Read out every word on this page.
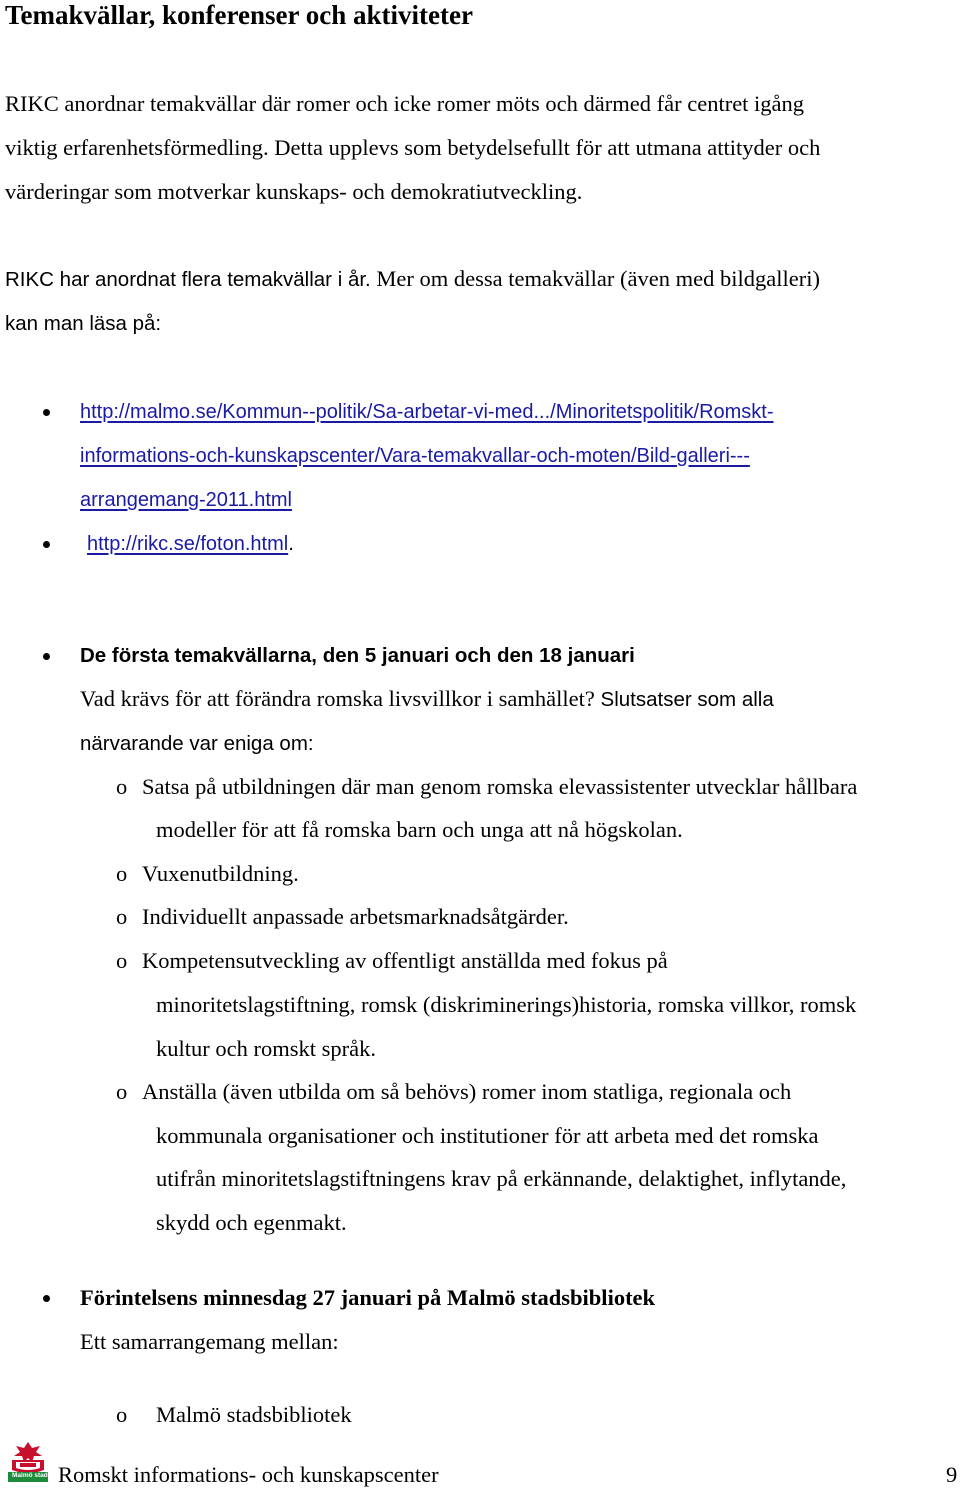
Temakvällar, konferenser och aktiviteter
RIKC anordnar temakvällar där romer och icke romer möts och därmed får centret igång
viktig erfarenhetsförmedling. Detta upplevs som betydelsefullt för att utmana attityder och
värderingar som motverkar kunskaps- och demokratiutveckling.
RIKC har anordnat flera temakvällar i år. Mer om dessa temakvällar (även med bildgalleri)
kan man läsa på:
http://malmo.se/Kommun--politik/Sa-arbetar-vi-med.../Minoritetspolitik/Romskt-
informations-och-kunskapscenter/Vara-temakvallar-och-moten/Bild-galleri---
arrangemang-2011.html
http://rikc.se/foton.html.
De första temakvällarna, den 5 januari och den 18 januari
Vad krävs för att förändra romska livsvillkor i samhället? Slutsatser som alla
närvarande var eniga om:
o Satsa på utbildningen där man genom romska elevassistenter utvecklar hållbara
modeller för att få romska barn och unga att nå högskolan.
o Vuxenutbildning.
o Individuellt anpassade arbetsmarknadsåtgärder.
o Kompetensutveckling av offentligt anställda med fokus på
minoritetslagstiftning, romsk (diskriminerings)historia, romska villkor, romsk
kultur och romskt språk.
o Anställa (även utbilda om så behövs) romer inom statliga, regionala och
kommunala organisationer och institutioner för att arbeta med det romska
utifrån minoritetslagstiftningens krav på erkännande, delaktighet, inflytande,
skydd och egenmakt.
Förintelsens minnesdag 27 januari på Malmö stadsbibliotek
Ett samarrangemang mellan:
o Malmö stadsbibliotek
Malmö stad Romskt informations- och kunskapscenter	9
